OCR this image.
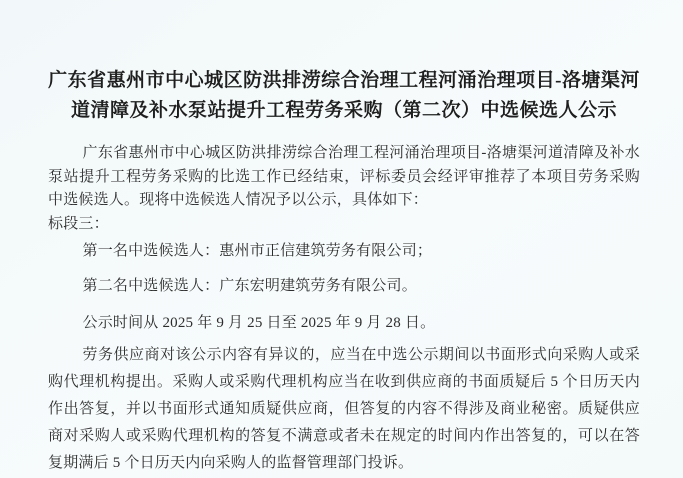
广东省惠州市中心城区防洪排涝综合治理工程河涌治理项目-洛塘渠河
道清障及补水泵站提升工程劳务采购（第二次）中选候选人公示

广东省惠州市中心城区防洪排涝综合治理工程河涌治理项目-洛塘渠河道清障及补水泵站提升工程劳务采购的比选工作已经结束，评标委员会经评审推荐了本项目劳务采购中选候选人。现将中选候选人情况予以公示，具体如下：

标段三：

第一名中选候选人：惠州市正信建筑劳务有限公司；

第二名中选候选人：广东宏明建筑劳务有限公司。

公示时间从 2025 年 9 月 25 日至 2025 年 9 月 28 日。

劳务供应商对该公示内容有异议的，应当在中选公示期间以书面形式向采购人或采购代理机构提出。采购人或采购代理机构应当在收到供应商的书面质疑后 5 个日历天内作出答复，并以书面形式通知质疑供应商，但答复的内容不得涉及商业秘密。质疑供应商对采购人或采购代理机构的答复不满意或者未在规定的时间内作出答复的，可以在答复期满后 5 个日历天内向采购人的监督管理部门投诉。
